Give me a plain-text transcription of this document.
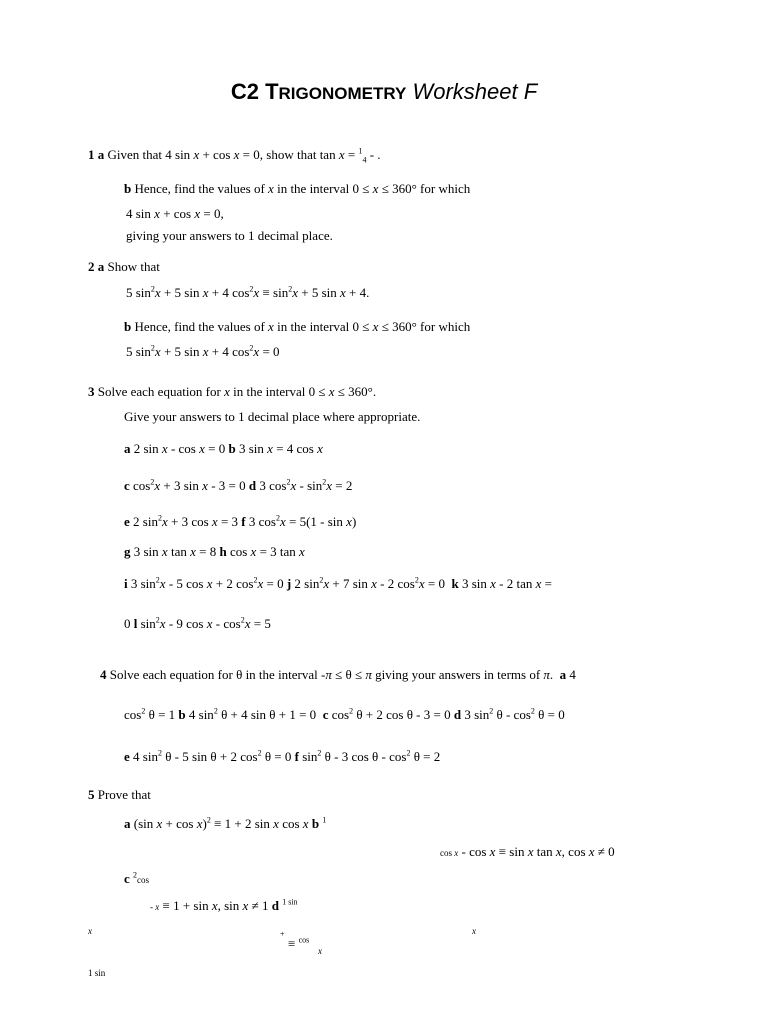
C2 TRIGONOMETRY Worksheet F
1 a Given that 4 sin x + cos x = 0, show that tan x = $^1_4$ - .
b Hence, find the values of x in the interval 0 ≤ x ≤ 360° for which
4 sin x + cos x = 0,
giving your answers to 1 decimal place.
2 a Show that
5 $\sin^2x + 5$ sin x + 4 $\cos^2x \equiv \sin^2x + 5$ sin x + 4.
b Hence, find the values of x in the interval 0 ≤ x ≤ 360° for which
5 $\sin^2x + 5$ sin x + 4 $\cos^2x = 0$
3 Solve each equation for x in the interval 0 ≤ x ≤ 360°.
Give your answers to 1 decimal place where appropriate.
a 2 sin x - cos x = 0 b 3 sin x = 4 cos x
c $\cos^2x + 3$ sin x - 3 = 0 d 3 $\cos^2x - \sin^2x = 2$
e 2 $\sin^2x + 3$ cos x = 3 f 3 $\cos^2x = 5(1 - \sin x)$
g 3 sin x tan x = 8 h cos x = 3 tan x
i 3 $\sin^2x - 5$ cos x + 2 $\cos^2x = 0$ j 2 $\sin^2x + 7$ sin x - 2 $\cos^2x = 0$  k 3 sin x - 2 tan x =
0 l $\sin^2x - 9$ $\cos x - \cos^2x = 5$
4 Solve each equation for θ in the interval -π ≤ θ ≤ π giving your answers in terms of π.  a 4
$\cos^2 \theta = 1$ b 4 $\sin^2 \theta + 4$ sin θ + 1 = 0  c $\cos^2 \theta + 2$ cos θ - 3 = 0 d 3 $\sin^2 \theta - \cos^2 \theta = 0$
e 4 $\sin^2 \theta - 5$ sin θ + 2 $\cos^2 \theta = 0$ f $\sin^2 \theta - 3$ $\cos \theta - \cos^2 \theta = 2$
5 Prove that
a (sin x + cos x)$^2$ ≡ 1 + 2 sin x cos x b $^1$
cos x - cos x ≡ sin x tan x, cos x ≠ 0
c $^2$cos
- x ≡ 1 + sin x, sin x ≠ 1 d $^{1 sin}$
x	x
+
≡ $^{cos}$
x
1 sin
